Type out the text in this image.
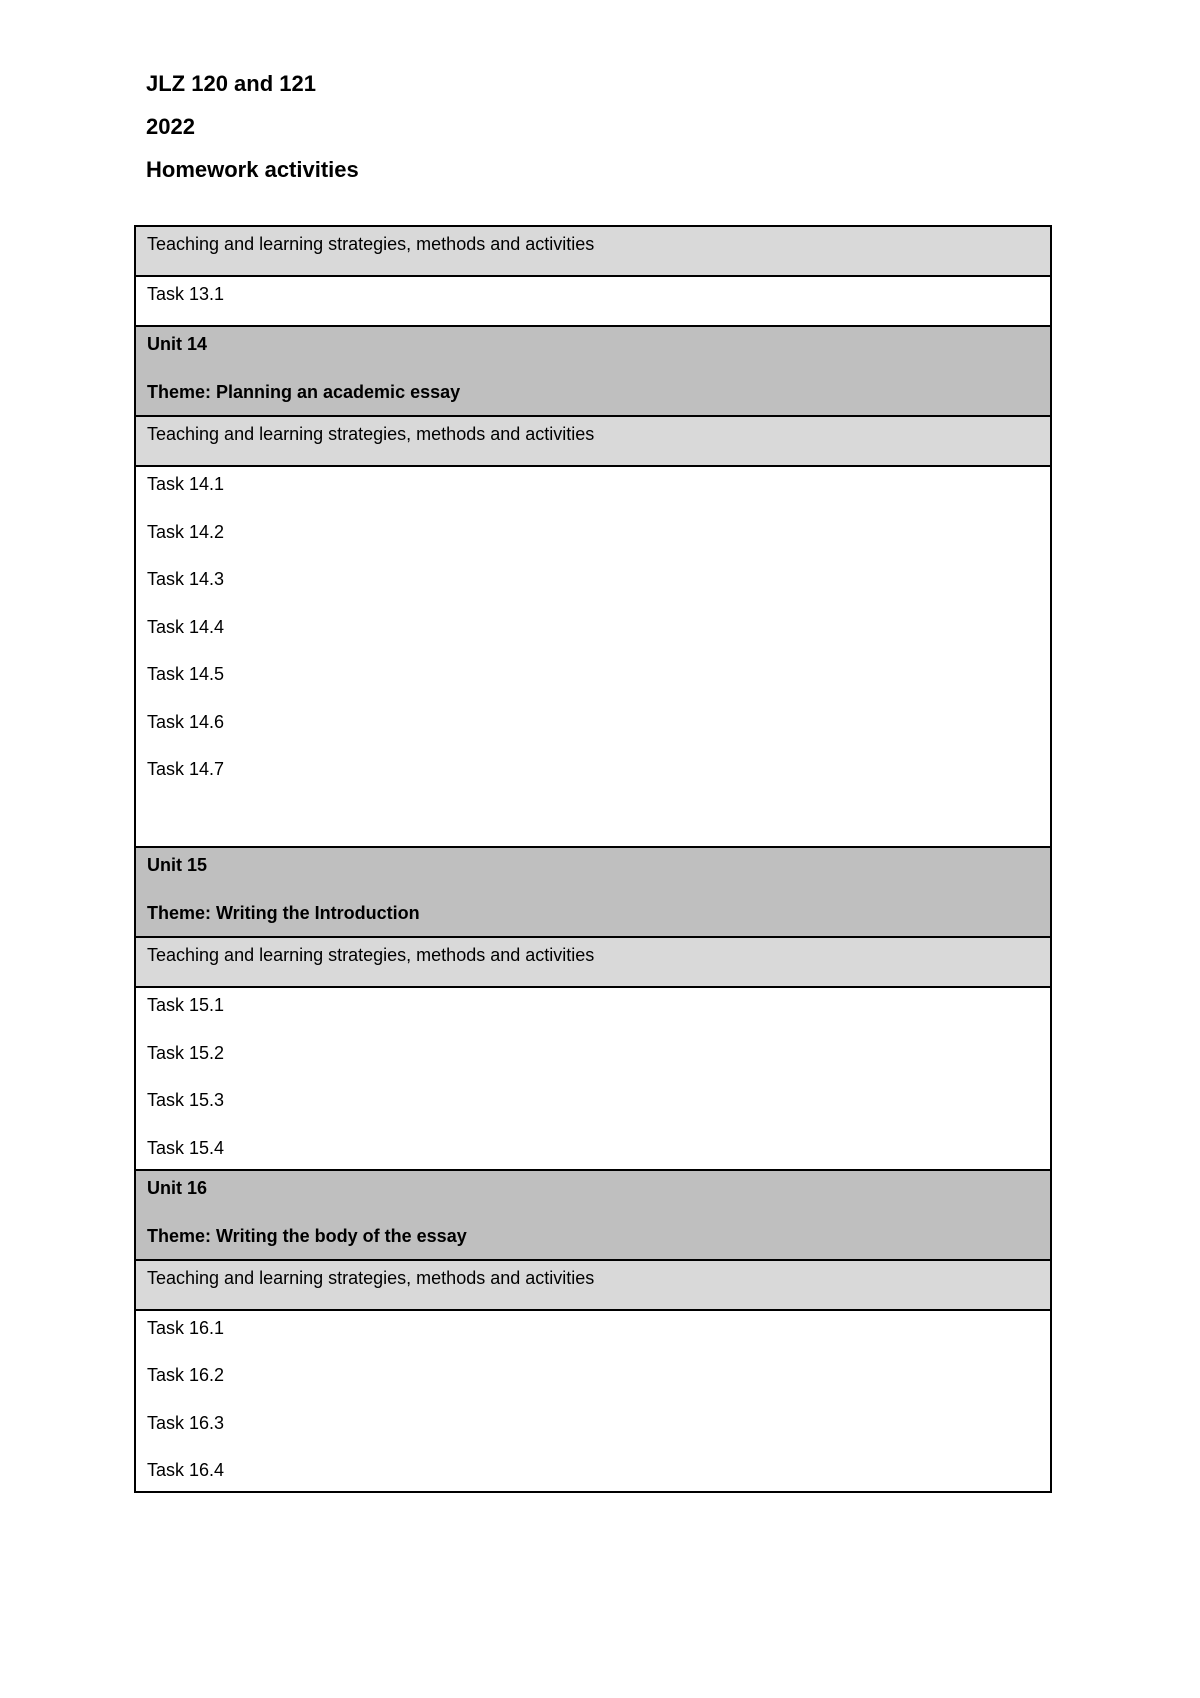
JLZ 120 and 121
2022
Homework activities
Teaching and learning strategies, methods and activities

Task 13.1

Unit 14
Theme: Planning an academic essay

Teaching and learning strategies, methods and activities

Task 14.1
Task 14.2
Task 14.3
Task 14.4
Task 14.5
Task 14.6
Task 14.7

Unit 15
Theme: Writing the Introduction

Teaching and learning strategies, methods and activities

Task 15.1
Task 15.2
Task 15.3
Task 15.4

Unit 16
Theme: Writing the body of the essay

Teaching and learning strategies, methods and activities

Task 16.1
Task 16.2
Task 16.3
Task 16.4
